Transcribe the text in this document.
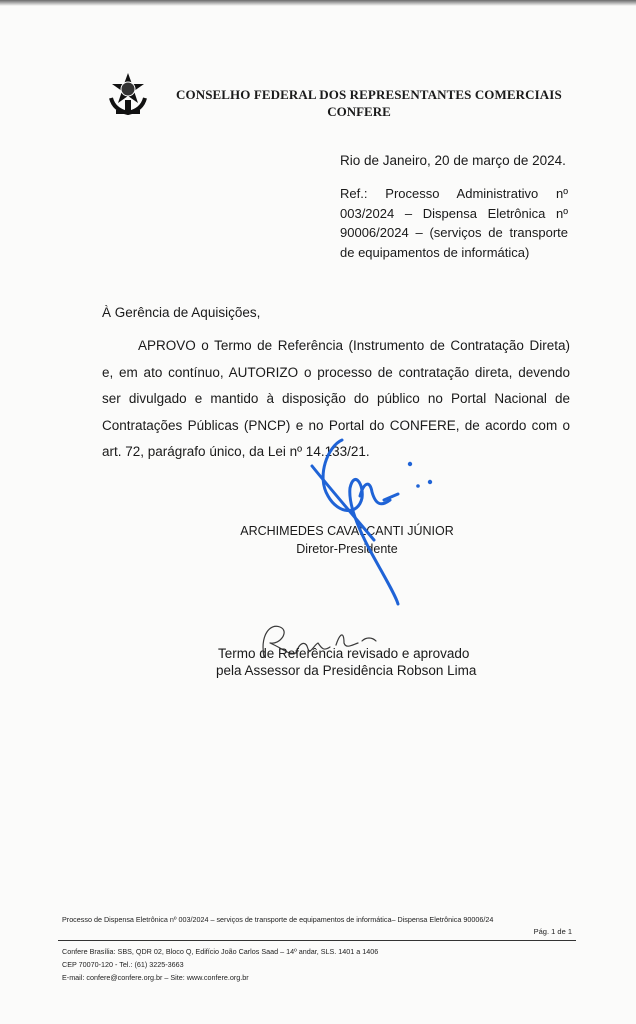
CONSELHO FEDERAL DOS REPRESENTANTES COMERCIAIS
CONFERE
Rio de Janeiro, 20 de março de 2024.
Ref.: Processo Administrativo nº 003/2024 – Dispensa Eletrônica nº 90006/2024 – (serviços de transporte de equipamentos de informática)
À Gerência de Aquisições,
APROVO o Termo de Referência (Instrumento de Contratação Direta) e, em ato contínuo, AUTORIZO o processo de contratação direta, devendo ser divulgado e mantido à disposição do público no Portal Nacional de Contratações Públicas (PNCP) e no Portal do CONFERE, de acordo com o art. 72, parágrafo único, da Lei nº 14.133/21.
ARCHIMEDES CAVALCANTI JÚNIOR
Diretor-Presidente
Termo de Referência revisado e aprovado
pela Assessor da Presidência Robson Lima
Processo de Dispensa Eletrônica nº 003/2024 – serviços de transporte de equipamentos de informática– Dispensa Eletrônica 90006/24
Pág. 1 de 1
Confere Brasília: SBS, QDR 02, Bloco Q, Edifício João Carlos Saad – 14º andar, SLS. 1401 a 1406
CEP 70070-120 - Tel.: (61) 3225-3663
E-mail: confere@confere.org.br – Site: www.confere.org.br
